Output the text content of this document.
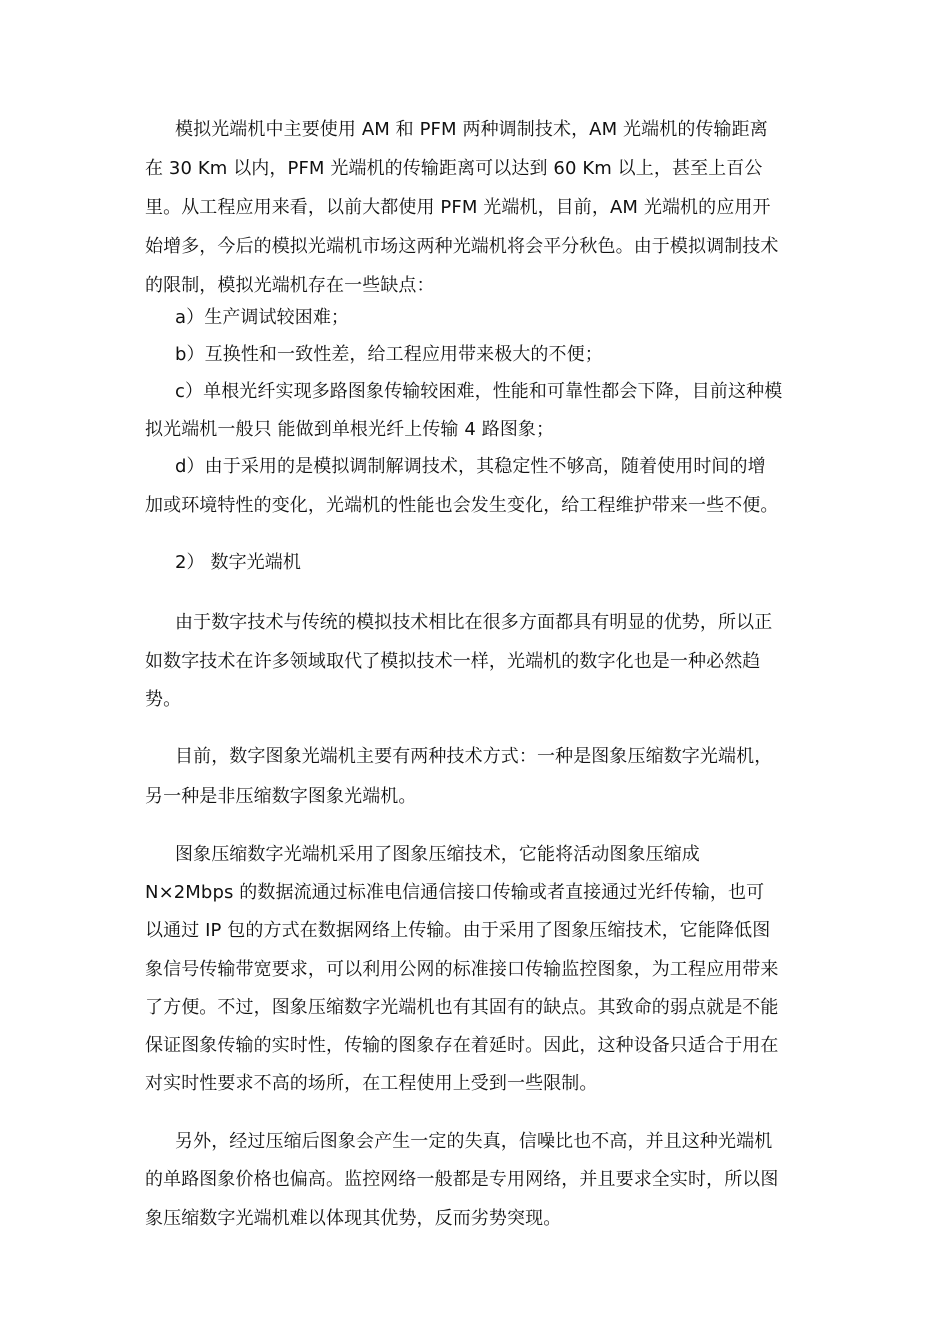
模拟光端机中主要使用 AM 和 PFM 两种调制技术，AM 光端机的传输距离
在 30 Km 以内，PFM 光端机的传输距离可以达到 60 Km 以上，甚至上百公
里。从工程应用来看，以前大都使用 PFM 光端机，目前，AM 光端机的应用开
始增多，今后的模拟光端机市场这两种光端机将会平分秋色。由于模拟调制技术
的限制，模拟光端机存在一些缺点：
a）生产调试较困难；
b）互换性和一致性差，给工程应用带来极大的不便；
c）单根光纤实现多路图象传输较困难，性能和可靠性都会下降，目前这种模
拟光端机一般只 能做到单根光纤上传输 4 路图象；
d）由于采用的是模拟调制解调技术，其稳定性不够高，随着使用时间的增
加或环境特性的变化，光端机的性能也会发生变化，给工程维护带来一些不便。
2） 数字光端机
由于数字技术与传统的模拟技术相比在很多方面都具有明显的优势，所以正
如数字技术在许多领域取代了模拟技术一样，光端机的数字化也是一种必然趋
势。
目前，数字图象光端机主要有两种技术方式：一种是图象压缩数字光端机，
另一种是非压缩数字图象光端机。
图象压缩数字光端机采用了图象压缩技术，它能将活动图象压缩成
N×2Mbps 的数据流通过标准电信通信接口传输或者直接通过光纤传输，也可
以通过 IP 包的方式在数据网络上传输。由于采用了图象压缩技术，它能降低图
象信号传输带宽要求，可以利用公网的标准接口传输监控图象，为工程应用带来
了方便。不过，图象压缩数字光端机也有其固有的缺点。其致命的弱点就是不能
保证图象传输的实时性，传输的图象存在着延时。因此，这种设备只适合于用在
对实时性要求不高的场所，在工程使用上受到一些限制。
另外，经过压缩后图象会产生一定的失真，信噪比也不高，并且这种光端机
的单路图象价格也偏高。监控网络一般都是专用网络，并且要求全实时，所以图
象压缩数字光端机难以体现其优势，反而劣势突现。
